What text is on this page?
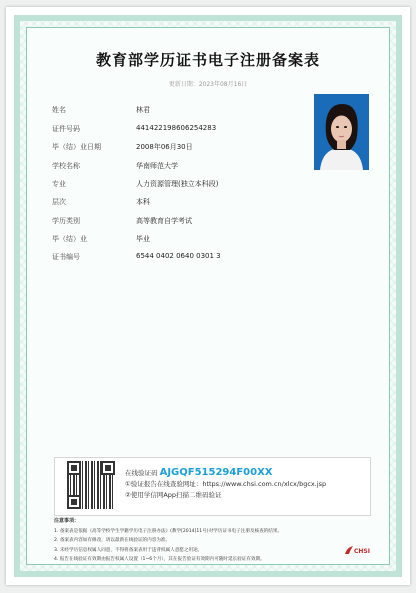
教育部学历证书电子注册备案表
更新日期：2023年08月16日
姓名	林君
证件号码	441422198606254283
毕（结）业日期	2008年06月30日
学校名称	华南师范大学
专业	人力资源管理(独立本科段)
层次	本科
学历类别	高等教育自学考试
毕（结）业	毕业
证书编号	6544 0402 0640 0301 3
在线验证码 AJGQF515294F00XX
①验证报告在线查验网址：https://www.chsi.com.cn/xlcx/bgcx.jsp
②使用学信网App扫描二维码验证
注意事项：
1. 备案表是依据《高等学校学生学籍学历电子注册办法》(教学[2014]11号)对学历证书电子注册及核查的结果。
2. 备案表内容如有修改，请以最新在线验证的内容为准。
3. 未经学历信息权属人同意，不得将备案表用于违背权属人意愿之用途。
4. 报告在线验证有效期由报告权属人设置（1~6个月），其在报告验证有效期内可随时延长验证有效期。
CHSI
